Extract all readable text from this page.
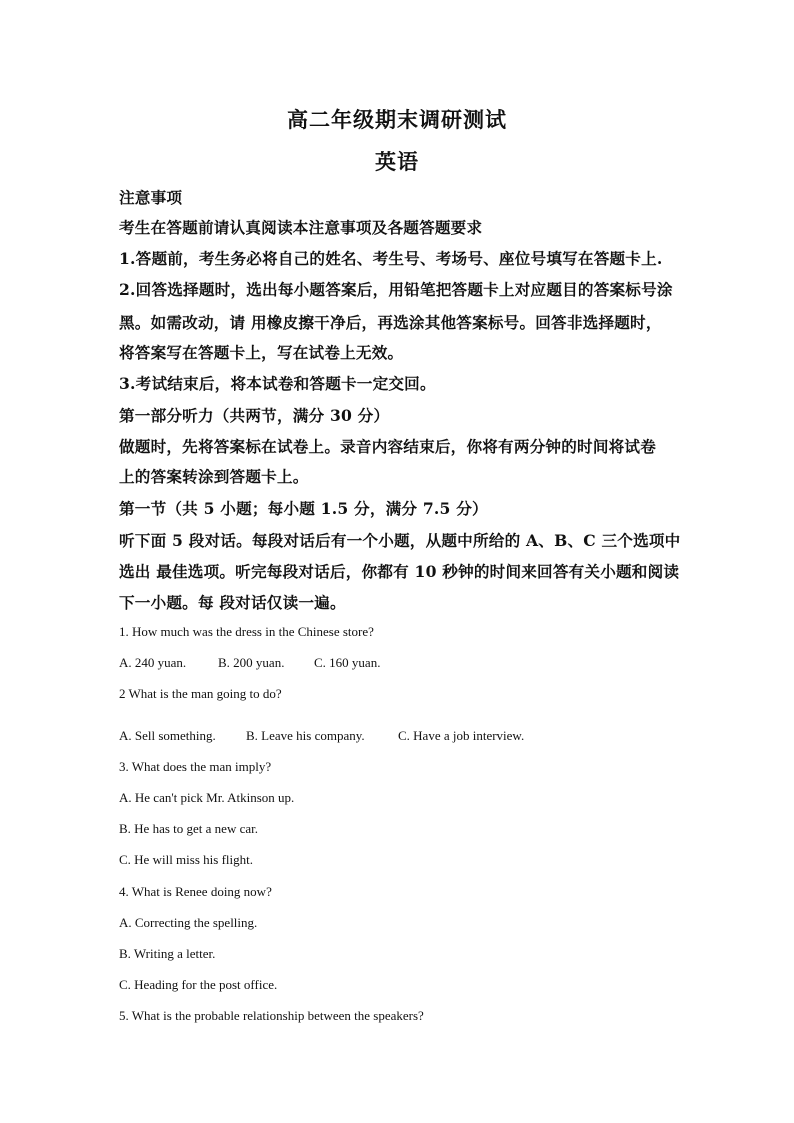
高二年级期末调研测试
英语
注意事项
考生在答题前请认真阅读本注意事项及各题答题要求
1.答题前，考生务必将自己的姓名、考生号、考场号、座位号填写在答题卡上.
2.回答选择题时，选出每小题答案后，用铅笔把答题卡上对应题目的答案标号涂
黑。如需改动，请 用橡皮擦干净后，再选涂其他答案标号。回答非选择题时，
将答案写在答题卡上，写在试卷上无效。
3.考试结束后，将本试卷和答题卡一定交回。
第一部分听力（共两节，满分 30 分）
做题时，先将答案标在试卷上。录音内容结束后，你将有两分钟的时间将试卷
上的答案转涂到答题卡上。
第一节（共 5 小题；每小题 1.5 分，满分 7.5 分）
听下面 5 段对话。每段对话后有一个小题，从题中所给的 A、B、C 三个选项中
选出 最佳选项。听完每段对话后，你都有 10 秒钟的时间来回答有关小题和阅读
下一小题。每 段对话仅读一遍。
1. How much was the dress in the Chinese store?
A. 240 yuan. B. 200 yuan. C. 160 yuan.
2 What is the man going to do?
A. Sell something. B. Leave his company.	C. Have a job interview.
3. What does the man imply?
A. He can't pick Mr. Atkinson up.
B. He has to get a new car.
C. He will miss his flight.
4. What is Renee doing now?
A. Correcting the spelling.
B. Writing a letter.
C. Heading for the post office.
5. What is the probable relationship between the speakers?
